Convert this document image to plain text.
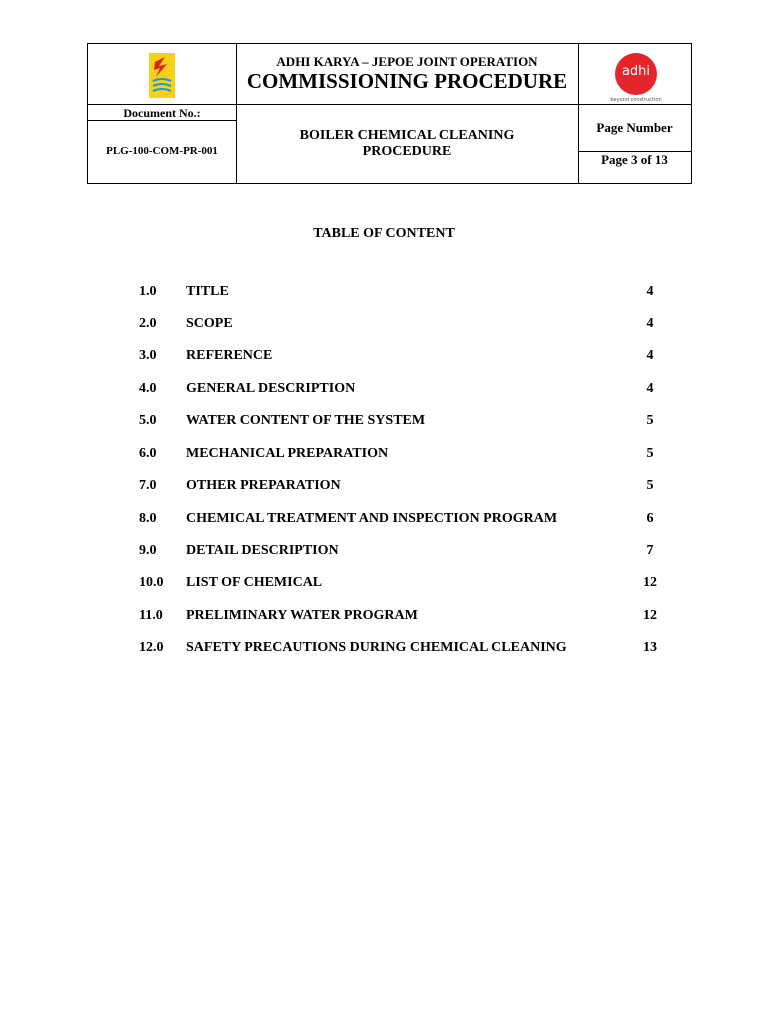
ADHI KARYA – JEPOE JOINT OPERATION
COMMISSIONING PROCEDURE	adhi
beyond construction
Document No.:
PLG-100-COM-PR-001
BOILER CHEMICAL CLEANING
PROCEDURE
Page Number
Page 3 of 13
TABLE OF CONTENT
1.0 TITLE	4
2.0 SCOPE	4
3.0 REFERENCE	4
4.0 GENERAL DESCRIPTION	4
5.0 WATER CONTENT OF THE SYSTEM	5
6.0 MECHANICAL PREPARATION	5
7.0 OTHER PREPARATION	5
8.0 CHEMICAL TREATMENT AND INSPECTION PROGRAM	6
9.0 DETAIL DESCRIPTION	7
10.0 LIST OF CHEMICAL	12
11.0 PRELIMINARY WATER PROGRAM	12
12.0 SAFETY PRECAUTIONS DURING CHEMICAL CLEANING	13
